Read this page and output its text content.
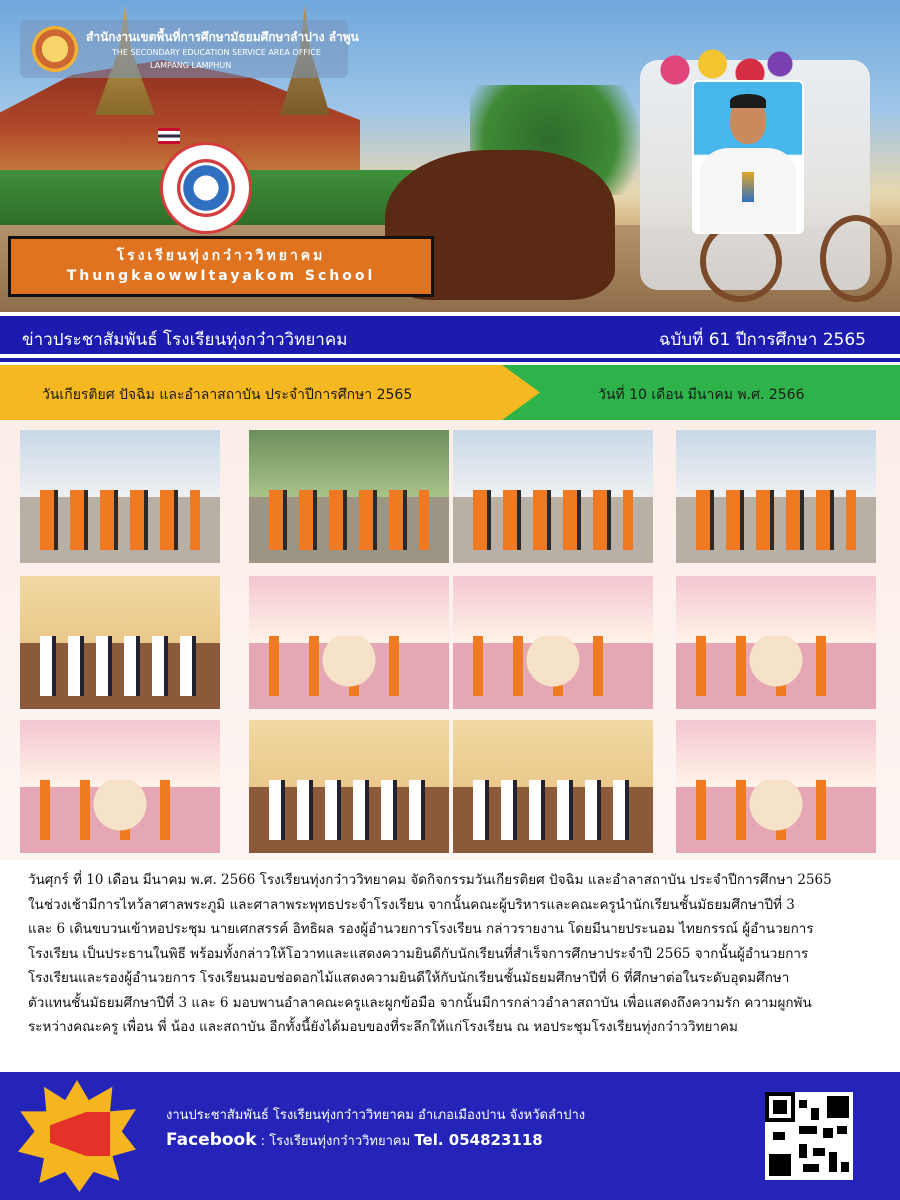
สำนักงานเขตพื้นที่การศึกษามัธยมศึกษาลำปาง ลำพูน
THE SECONDARY EDUCATION SERVICE AREA OFFICE
LAMPANG LAMPHUN
โรงเรียนทุ่งกว๋าววิทยาคม
ThungkaowwItayakom School
ข่าวประชาสัมพันธ์ โรงเรียนทุ่งกว๋าววิทยาคม	ฉบับที่ 61 ปีการศึกษา 2565
วันเกียรติยศ ปัจฉิม และอำลาสถาบัน ประจำปีการศึกษา 2565	วันที่ 10 เดือน มีนาคม พ.ศ. 2566
วันศุกร์ ที่ 10 เดือน มีนาคม พ.ศ. 2566 โรงเรียนทุ่งกว๋าววิทยาคม จัดกิจกรรมวันเกียรติยศ ปัจฉิม และอำลาสถาบัน ประจำปีการศึกษา 2565
ในช่วงเช้ามีการไหว้ลาศาลพระภูมิ และศาลาพระพุทธประจำโรงเรียน จากนั้นคณะผู้บริหารและคณะครูนำนักเรียนชั้นมัธยมศึกษาปีที่ 3
และ 6 เดินขบวนเข้าหอประชุม นายเศกสรรค์ อิทธิผล รองผู้อำนวยการโรงเรียน กล่าวรายงาน โดยมีนายประนอม ไทยกรรณ์ ผู้อำนวยการ
โรงเรียน เป็นประธานในพิธี พร้อมทั้งกล่าวให้โอวาทและแสดงความยินดีกับนักเรียนที่สำเร็จการศึกษาประจำปี 2565 จากนั้นผู้อำนวยการ
โรงเรียนและรองผู้อำนวยการ โรงเรียนมอบช่อดอกไม้แสดงความยินดีให้กับนักเรียนชั้นมัธยมศึกษาปีที่ 6 ที่ศึกษาต่อในระดับอุดมศึกษา
ตัวแทนชั้นมัธยมศึกษาปีที่ 3 และ 6 มอบพานอำลาคณะครูและผูกข้อมือ จากนั้นมีการกล่าวอำลาสถาบัน เพื่อแสดงถึงความรัก ความผูกพัน
ระหว่างคณะครู เพื่อน พี่ น้อง และสถาบัน อีกทั้งนี้ยังได้มอบของที่ระลึกให้แก่โรงเรียน ณ หอประชุมโรงเรียนทุ่งกว๋าววิทยาคม
งานประชาสัมพันธ์ โรงเรียนทุ่งกว๋าววิทยาคม อำเภอเมืองปาน จังหวัดลำปาง
Facebook : โรงเรียนทุ่งกว๋าววิทยาคม Tel. 054823118
